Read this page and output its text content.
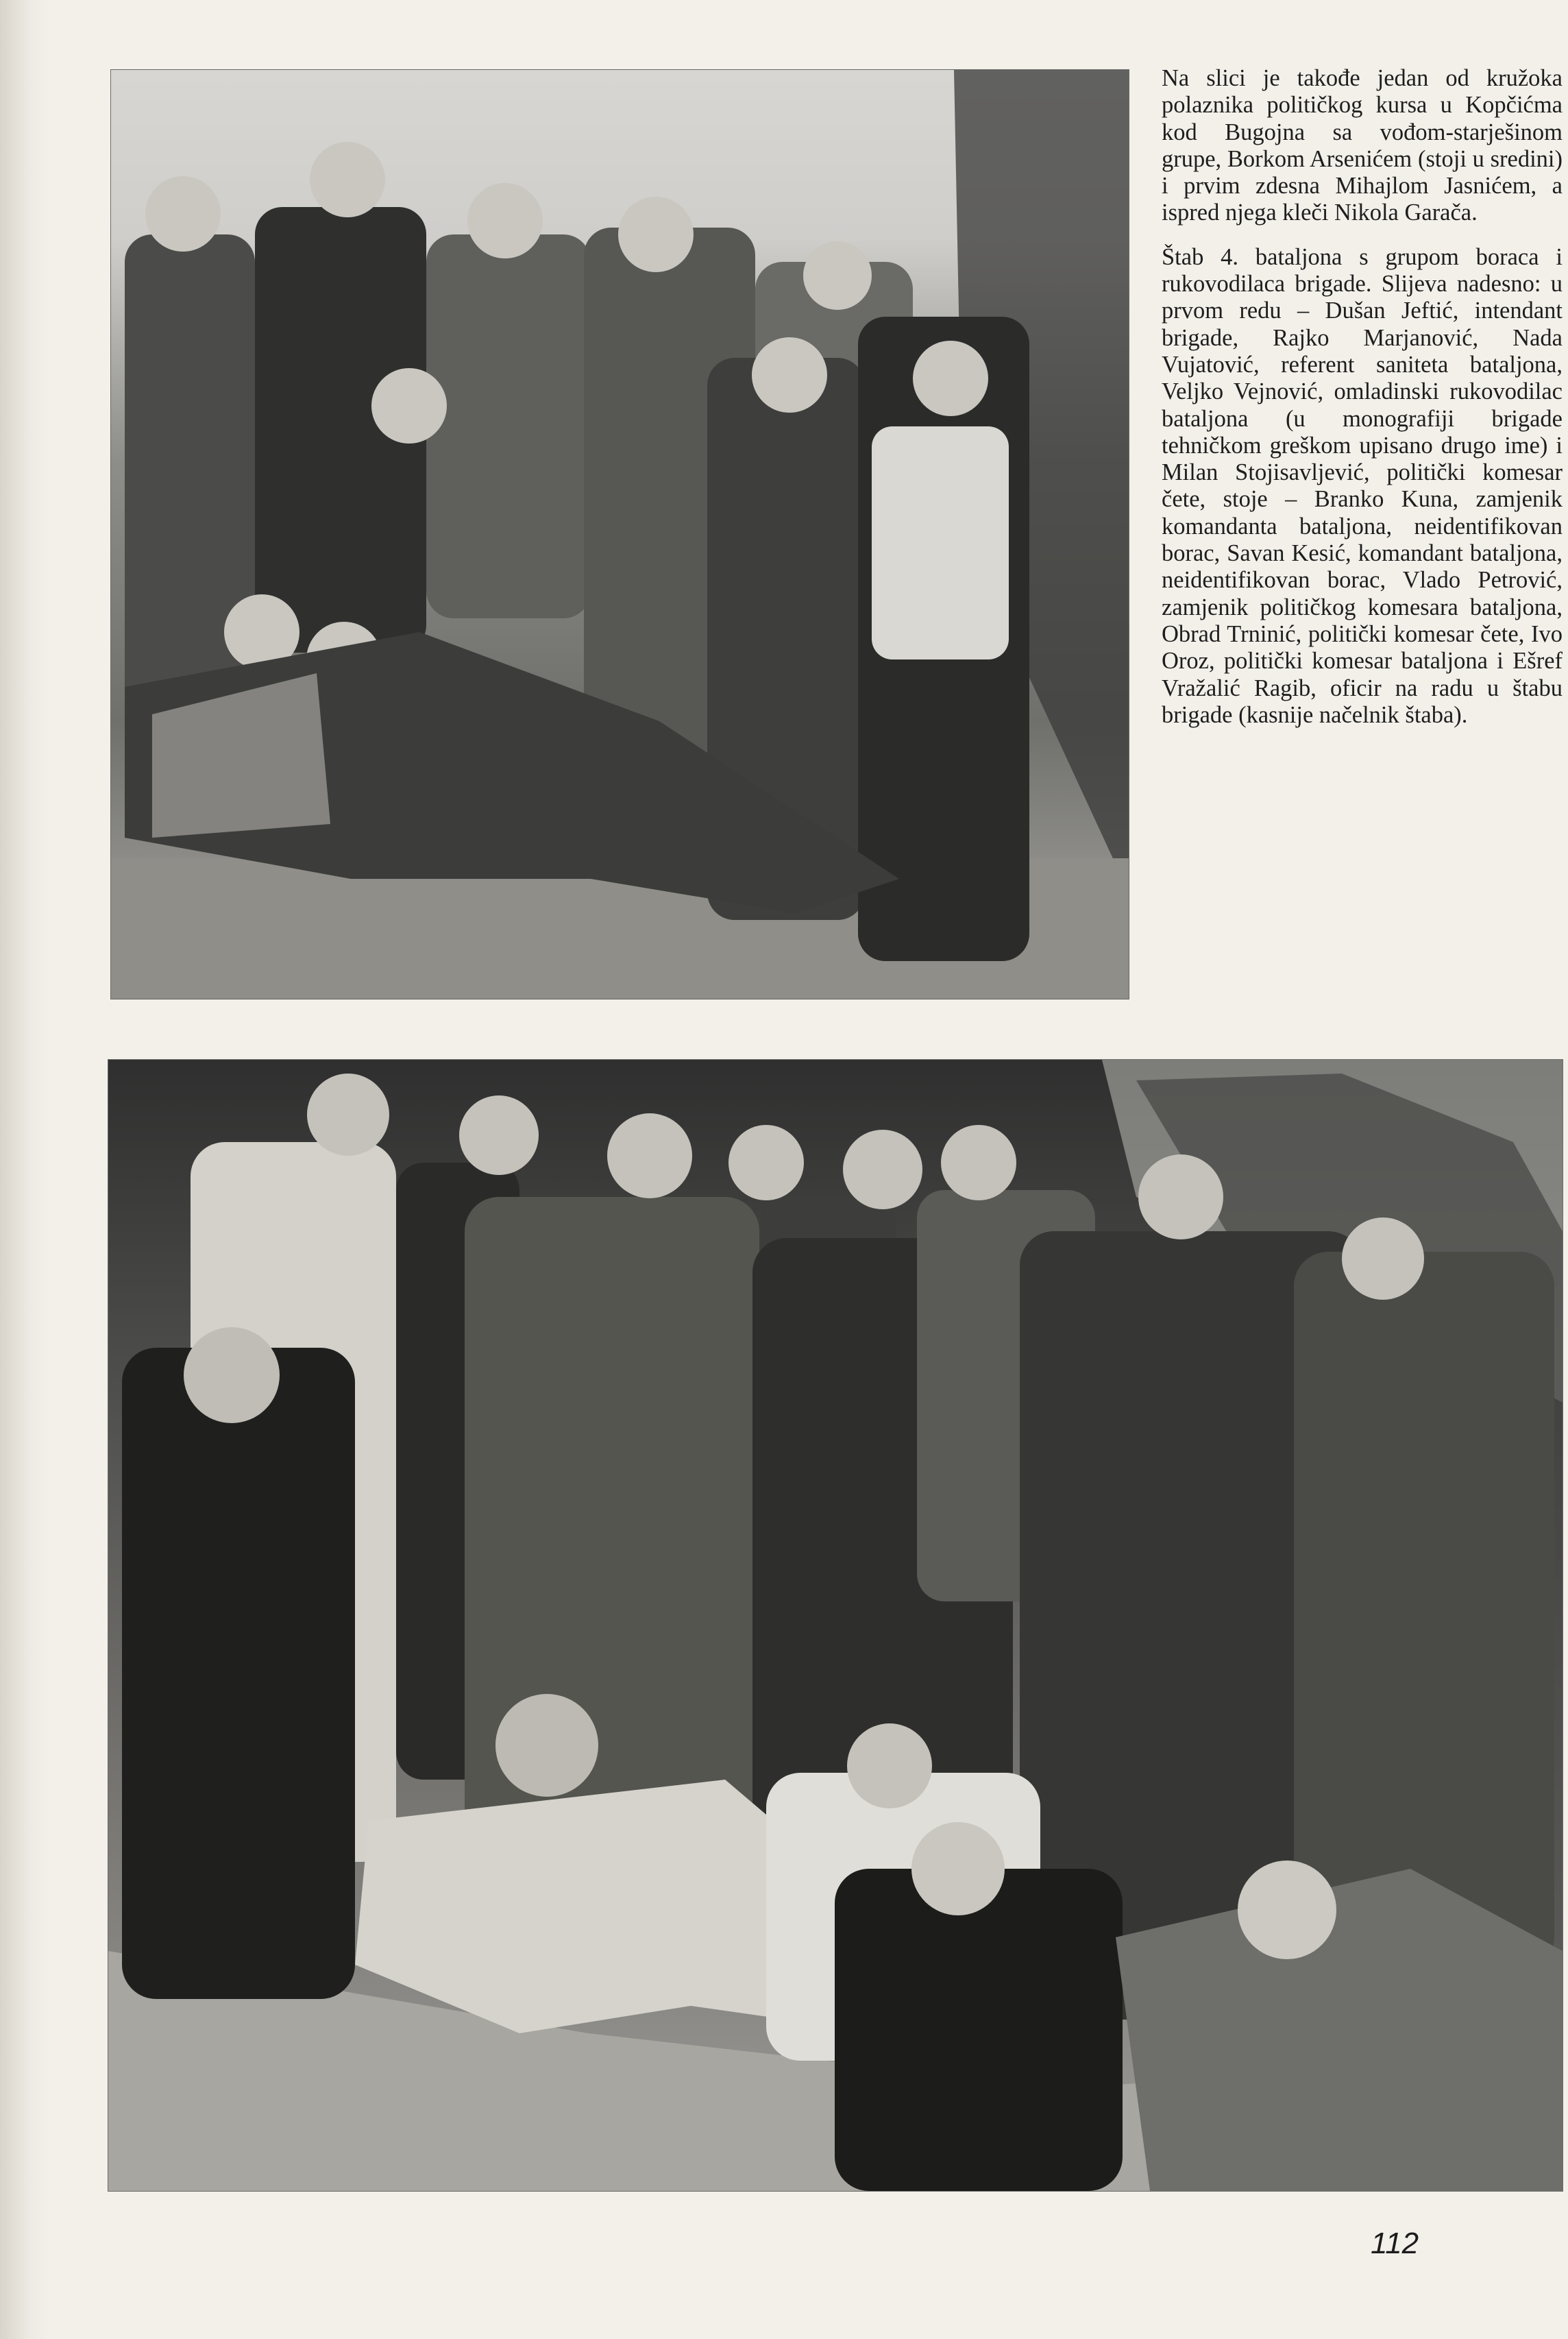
Na slici je takođe jedan od kružoka polaznika političkog kursa u Kopčićma kod Bugojna sa vođom-starješinom grupe, Borkom Arsenićem (stoji u sredini) i prvim zdesna Mihajlom Jasnićem, a ispred njega kleči Nikola Garača.

Štab 4. bataljona s grupom boraca i rukovodilaca brigade. Slijeva nadesno: u prvom redu – Dušan Jeftić, intendant brigade, Rajko Marjanović, Nada Vujatović, referent saniteta bataljona, Veljko Vejnović, omladinski rukovodilac bataljona (u monografiji brigade tehničkom greškom upisano drugo ime) i Milan Stojisavljević, politički komesar čete, stoje – Branko Kuna, zamjenik komandanta bataljona, neidentifikovan borac, Savan Kesić, komandant bataljona, neidentifikovan borac, Vlado Petrović, zamjenik političkog komesara bataljona, Obrad Trninić, politički komesar čete, Ivo Oroz, politički komesar bataljona i Ešref Vražalić Ragib, oficir na radu u štabu brigade (kasnije načelnik štaba).

112
